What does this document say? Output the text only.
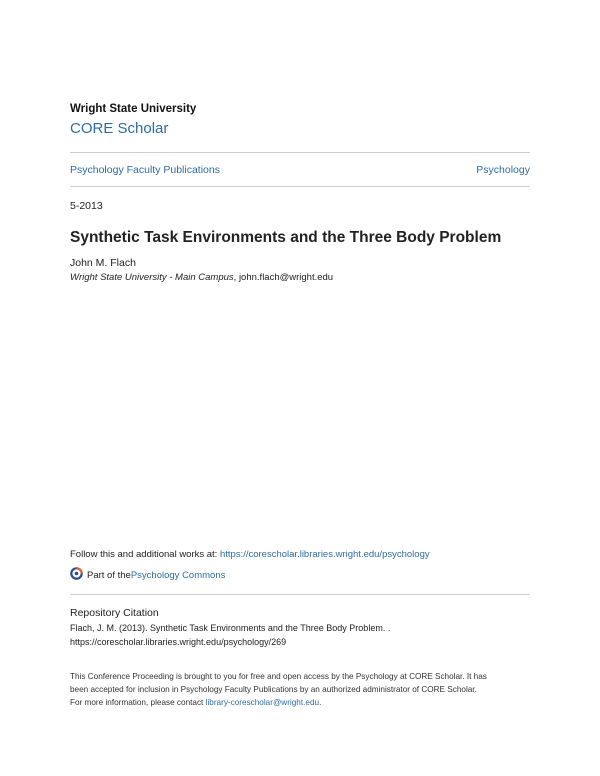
Wright State University
CORE Scholar
Psychology Faculty Publications	Psychology
5-2013
Synthetic Task Environments and the Three Body Problem
John M. Flach
Wright State University - Main Campus, john.flach@wright.edu
Follow this and additional works at: https://corescholar.libraries.wright.edu/psychology
Part of the Psychology Commons
Repository Citation
Flach, J. M. (2013). Synthetic Task Environments and the Three Body Problem. .
https://corescholar.libraries.wright.edu/psychology/269
This Conference Proceeding is brought to you for free and open access by the Psychology at CORE Scholar. It has
been accepted for inclusion in Psychology Faculty Publications by an authorized administrator of CORE Scholar.
For more information, please contact library-corescholar@wright.edu.
